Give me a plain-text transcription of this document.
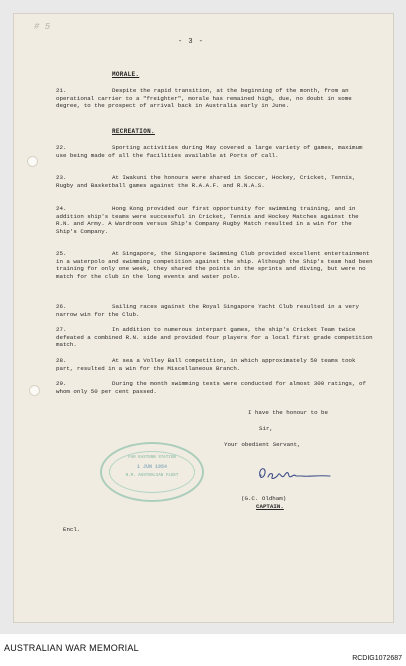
# 5
- 3 -
MORALE.
21.	Despite the rapid transition, at the beginning of the month, from an operational carrier to a "freighter", morale has remained high, due, no doubt in some degree, to the prospect of arrival back in Australia early in June.
RECREATION.
22.	Sporting activities during May covered a large variety of games, maximum use being made of all the facilities available at Ports of call.
23.	At Iwakuni the honours were shared in Soccer, Hockey, Cricket, Tennis, Rugby and Basketball games against the R.A.A.F. and R.N.A.S.
24.	Hong Kong provided our first opportunity for swimming training, and in addition ship's teams were successful in Cricket, Tennis and Hockey Matches against the R.N. and Army. A Wardroom versus Ship's Company Rugby Match resulted in a win for the Ship's Company.
25.	At Singapore, the Singapore Swimming Club provided excellent entertainment in a waterpolo and swimming competition against the ship. Although the Ship's team had been training for only one week, they shared the points in the sprints and diving, but were no match for the club in the long events and water polo.
26.	Sailing races against the Royal Singapore Yacht Club resulted in a very narrow win for the Club.
27.	In addition to numerous interpart games, the ship's Cricket Team twice defeated a combined R.N. side and provided four players for a local first grade competition match.
28.	At sea a Volley Ball competition, in which approximately 50 teams took part, resulted in a win for the Miscellaneous Branch.
29.	During the month swimming tests were conducted for almost 300 ratings, of whom only 50 per cent passed.
I have the honour to be
Sir,
Your obedient Servant,
FAR EASTERN STATION
1 JUN 1954
H.M. AUSTRALIAN FLEET
(G.C. Oldham)
CAPTAIN.
Encl.
AUSTRALIAN WAR MEMORIAL
RCDIG1072687
